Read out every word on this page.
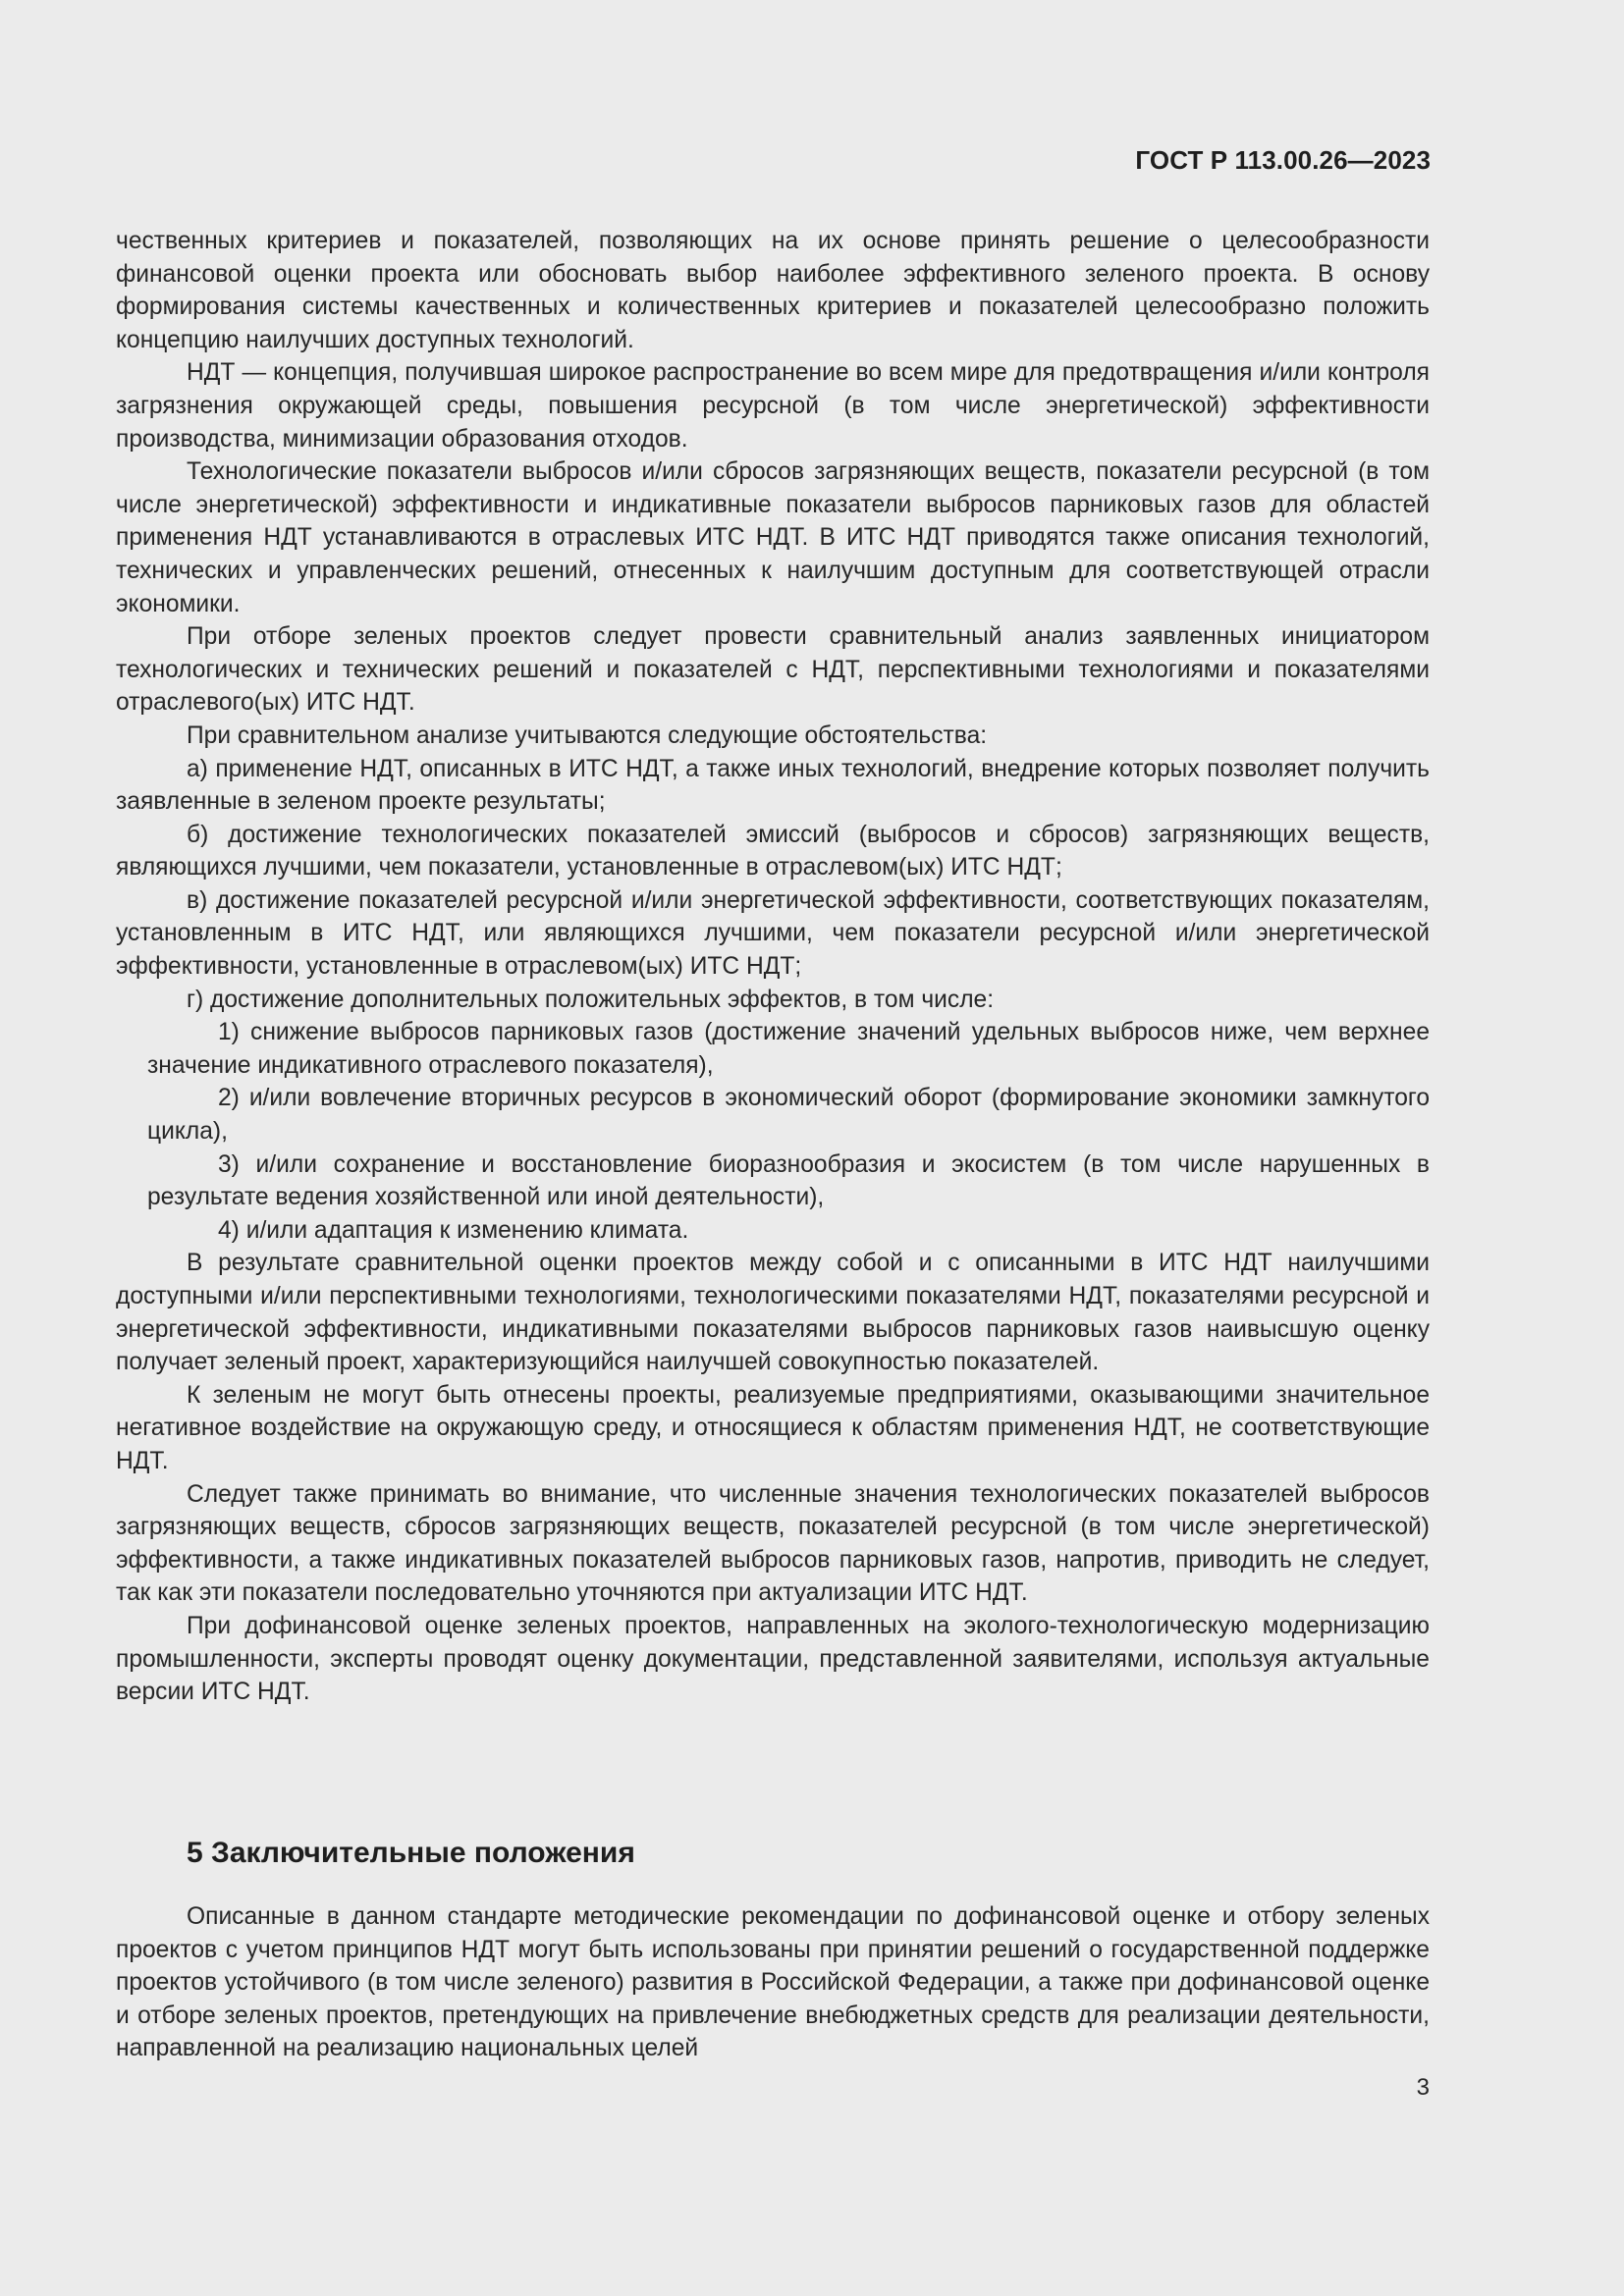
ГОСТ Р 113.00.26—2023

чественных критериев и показателей, позволяющих на их основе принять решение о целесообразности финансовой оценки проекта или обосновать выбор наиболее эффективного зеленого проекта. В основу формирования системы качественных и количественных критериев и показателей целесообразно положить концепцию наилучших доступных технологий.

НДТ — концепция, получившая широкое распространение во всем мире для предотвращения и/или контроля загрязнения окружающей среды, повышения ресурсной (в том числе энергетической) эффективности производства, минимизации образования отходов.

Технологические показатели выбросов и/или сбросов загрязняющих веществ, показатели ресурсной (в том числе энергетической) эффективности и индикативные показатели выбросов парниковых газов для областей применения НДТ устанавливаются в отраслевых ИТС НДТ. В ИТС НДТ приводятся также описания технологий, технических и управленческих решений, отнесенных к наилучшим доступным для соответствующей отрасли экономики.

При отборе зеленых проектов следует провести сравнительный анализ заявленных инициатором технологических и технических решений и показателей с НДТ, перспективными технологиями и показателями отраслевого(ых) ИТС НДТ.

При сравнительном анализе учитываются следующие обстоятельства:

а) применение НДТ, описанных в ИТС НДТ, а также иных технологий, внедрение которых позволяет получить заявленные в зеленом проекте результаты;

б) достижение технологических показателей эмиссий (выбросов и сбросов) загрязняющих веществ, являющихся лучшими, чем показатели, установленные в отраслевом(ых) ИТС НДТ;

в) достижение показателей ресурсной и/или энергетической эффективности, соответствующих показателям, установленным в ИТС НДТ, или являющихся лучшими, чем показатели ресурсной и/или энергетической эффективности, установленные в отраслевом(ых) ИТС НДТ;

г) достижение дополнительных положительных эффектов, в том числе:

1) снижение выбросов парниковых газов (достижение значений удельных выбросов ниже, чем верхнее значение индикативного отраслевого показателя),

2) и/или вовлечение вторичных ресурсов в экономический оборот (формирование экономики замкнутого цикла),

3) и/или сохранение и восстановление биоразнообразия и экосистем (в том числе нарушенных в результате ведения хозяйственной или иной деятельности),

4) и/или адаптация к изменению климата.

В результате сравнительной оценки проектов между собой и с описанными в ИТС НДТ наилучшими доступными и/или перспективными технологиями, технологическими показателями НДТ, показателями ресурсной и энергетической эффективности, индикативными показателями выбросов парниковых газов наивысшую оценку получает зеленый проект, характеризующийся наилучшей совокупностью показателей.

К зеленым не могут быть отнесены проекты, реализуемые предприятиями, оказывающими значительное негативное воздействие на окружающую среду, и относящиеся к областям применения НДТ, не соответствующие НДТ.

Следует также принимать во внимание, что численные значения технологических показателей выбросов загрязняющих веществ, сбросов загрязняющих веществ, показателей ресурсной (в том числе энергетической) эффективности, а также индикативных показателей выбросов парниковых газов, напротив, приводить не следует, так как эти показатели последовательно уточняются при актуализации ИТС НДТ.

При дофинансовой оценке зеленых проектов, направленных на эколого-технологическую модернизацию промышленности, эксперты проводят оценку документации, представленной заявителями, используя актуальные версии ИТС НДТ.

5 Заключительные положения

Описанные в данном стандарте методические рекомендации по дофинансовой оценке и отбору зеленых проектов с учетом принципов НДТ могут быть использованы при принятии решений о государственной поддержке проектов устойчивого (в том числе зеленого) развития в Российской Федерации, а также при дофинансовой оценке и отборе зеленых проектов, претендующих на привлечение внебюджетных средств для реализации деятельности, направленной на реализацию национальных целей

3
